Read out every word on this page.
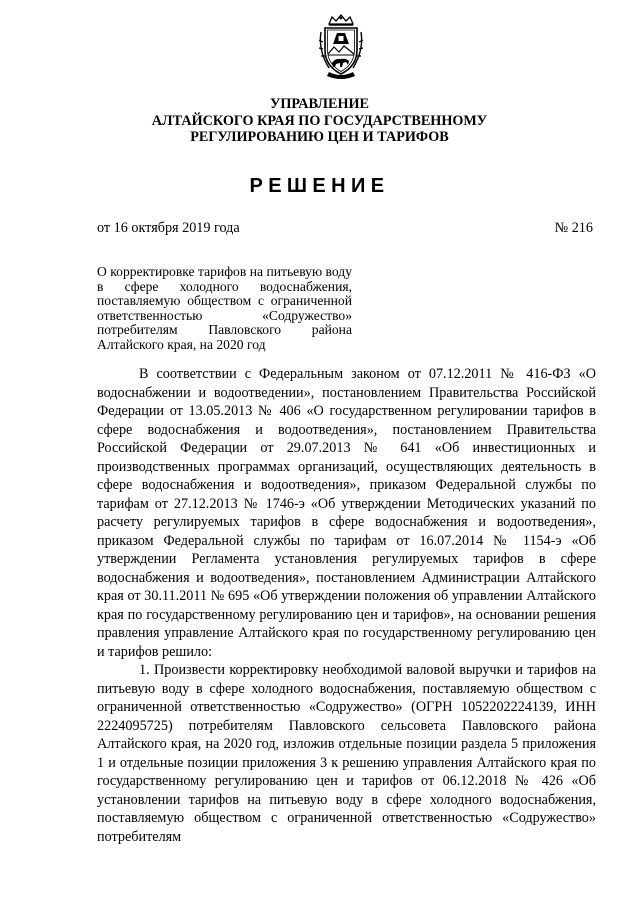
УПРАВЛЕНИЕ
АЛТАЙСКОГО КРАЯ ПО ГОСУДАРСТВЕННОМУ
РЕГУЛИРОВАНИЮ ЦЕН И ТАРИФОВ
РЕШЕНИЕ
от 16 октября 2019 года	№ 216
О корректировке тарифов на питьевую воду в сфере холодного водоснабжения, поставляемую обществом с ограниченной ответственностью «Содружество» потребителям Павловского района Алтайского края, на 2020 год

В соответствии с Федеральным законом от 07.12.2011 № 416-ФЗ «О водоснабжении и водоотведении», постановлением Правительства Российской Федерации от 13.05.2013 № 406 «О государственном регулировании тарифов в сфере водоснабжения и водоотведения», постановлением Правительства Российской Федерации от 29.07.2013 № 641 «Об инвестиционных и производственных программах организаций, осуществляющих деятельность в сфере водоснабжения и водоотведения», приказом Федеральной службы по тарифам от 27.12.2013 № 1746-э «Об утверждении Методических указаний по расчету регулируемых тарифов в сфере водоснабжения и водоотведения», приказом Федеральной службы по тарифам от 16.07.2014 № 1154-э «Об утверждении Регламента установления регулируемых тарифов в сфере водоснабжения и водоотведения», постановлением Администрации Алтайского края от 30.11.2011 № 695 «Об утверждении положения об управлении Алтайского края по государственному регулированию цен и тарифов», на основании решения правления управление Алтайского края по государственному регулированию цен и тарифов решило:

1. Произвести корректировку необходимой валовой выручки и тарифов на питьевую воду в сфере холодного водоснабжения, поставляемую обществом с ограниченной ответственностью «Содружество» (ОГРН 1052202224139, ИНН 2224095725) потребителям Павловского сельсовета Павловского района Алтайского края, на 2020 год, изложив отдельные позиции раздела 5 приложения 1 и отдельные позиции приложения 3 к решению управления Алтайского края по государственному регулированию цен и тарифов от 06.12.2018 № 426 «Об установлении тарифов на питьевую воду в сфере холодного водоснабжения, поставляемую обществом с ограниченной ответственностью «Содружество» потребителям
